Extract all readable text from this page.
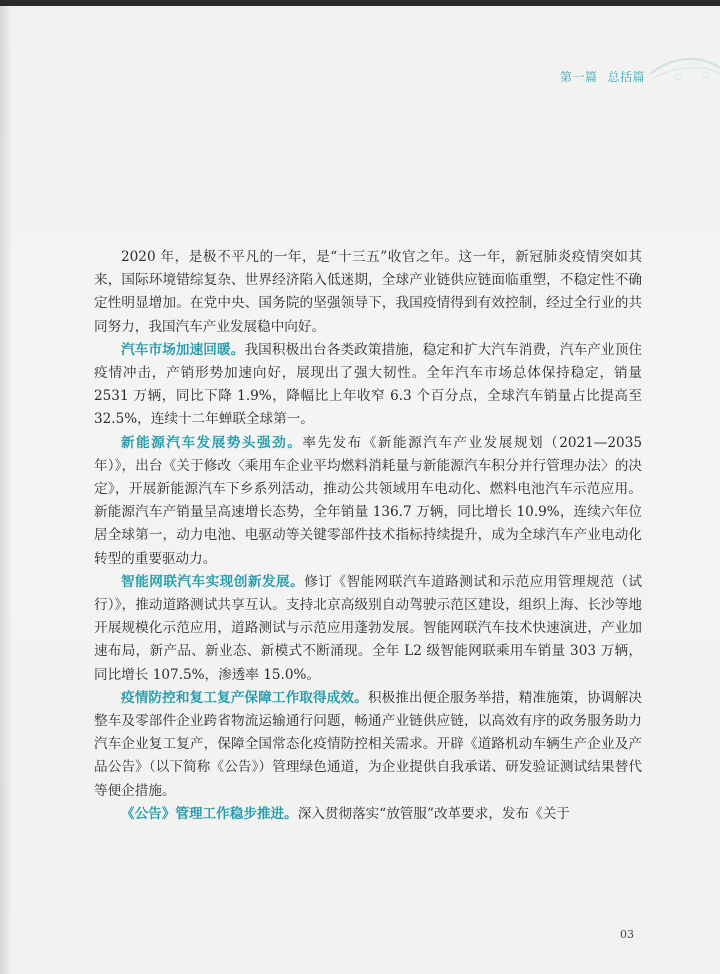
第一篇 总括篇

2020 年，是极不平凡的一年，是“十三五”收官之年。这一年，新冠肺炎疫情突如其来，国际环境错综复杂、世界经济陷入低迷期，全球产业链供应链面临重塑，不稳定性不确定性明显增加。在党中央、国务院的坚强领导下，我国疫情得到有效控制，经过全行业的共同努力，我国汽车产业发展稳中向好。

汽车市场加速回暖。我国积极出台各类政策措施，稳定和扩大汽车消费，汽车产业顶住疫情冲击，产销形势加速向好，展现出了强大韧性。全年汽车市场总体保持稳定，销量 2531 万辆，同比下降 1.9%，降幅比上年收窄 6.3 个百分点，全球汽车销量占比提高至 32.5%，连续十二年蝉联全球第一。

新能源汽车发展势头强劲。率先发布《新能源汽车产业发展规划（2021—2035 年）》，出台《关于修改〈乘用车企业平均燃料消耗量与新能源汽车积分并行管理办法〉的决定》，开展新能源汽车下乡系列活动，推动公共领域用车电动化、燃料电池汽车示范应用。新能源汽车产销量呈高速增长态势，全年销量 136.7 万辆，同比增长 10.9%，连续六年位居全球第一，动力电池、电驱动等关键零部件技术指标持续提升，成为全球汽车产业电动化转型的重要驱动力。

智能网联汽车实现创新发展。修订《智能网联汽车道路测试和示范应用管理规范（试行）》，推动道路测试共享互认。支持北京高级别自动驾驶示范区建设，组织上海、长沙等地开展规模化示范应用，道路测试与示范应用蓬勃发展。智能网联汽车技术快速演进，产业加速布局，新产品、新业态、新模式不断涌现。全年 L2 级智能网联乘用车销量 303 万辆，同比增长 107.5%，渗透率 15.0%。

疫情防控和复工复产保障工作取得成效。积极推出便企服务举措，精准施策，协调解决整车及零部件企业跨省物流运输通行问题，畅通产业链供应链，以高效有序的政务服务助力汽车企业复工复产，保障全国常态化疫情防控相关需求。开辟《道路机动车辆生产企业及产品公告》（以下简称《公告》）管理绿色通道，为企业提供自我承诺、研发验证测试结果替代等便企措施。

《公告》管理工作稳步推进。深入贯彻落实“放管服”改革要求，发布《关于

03
